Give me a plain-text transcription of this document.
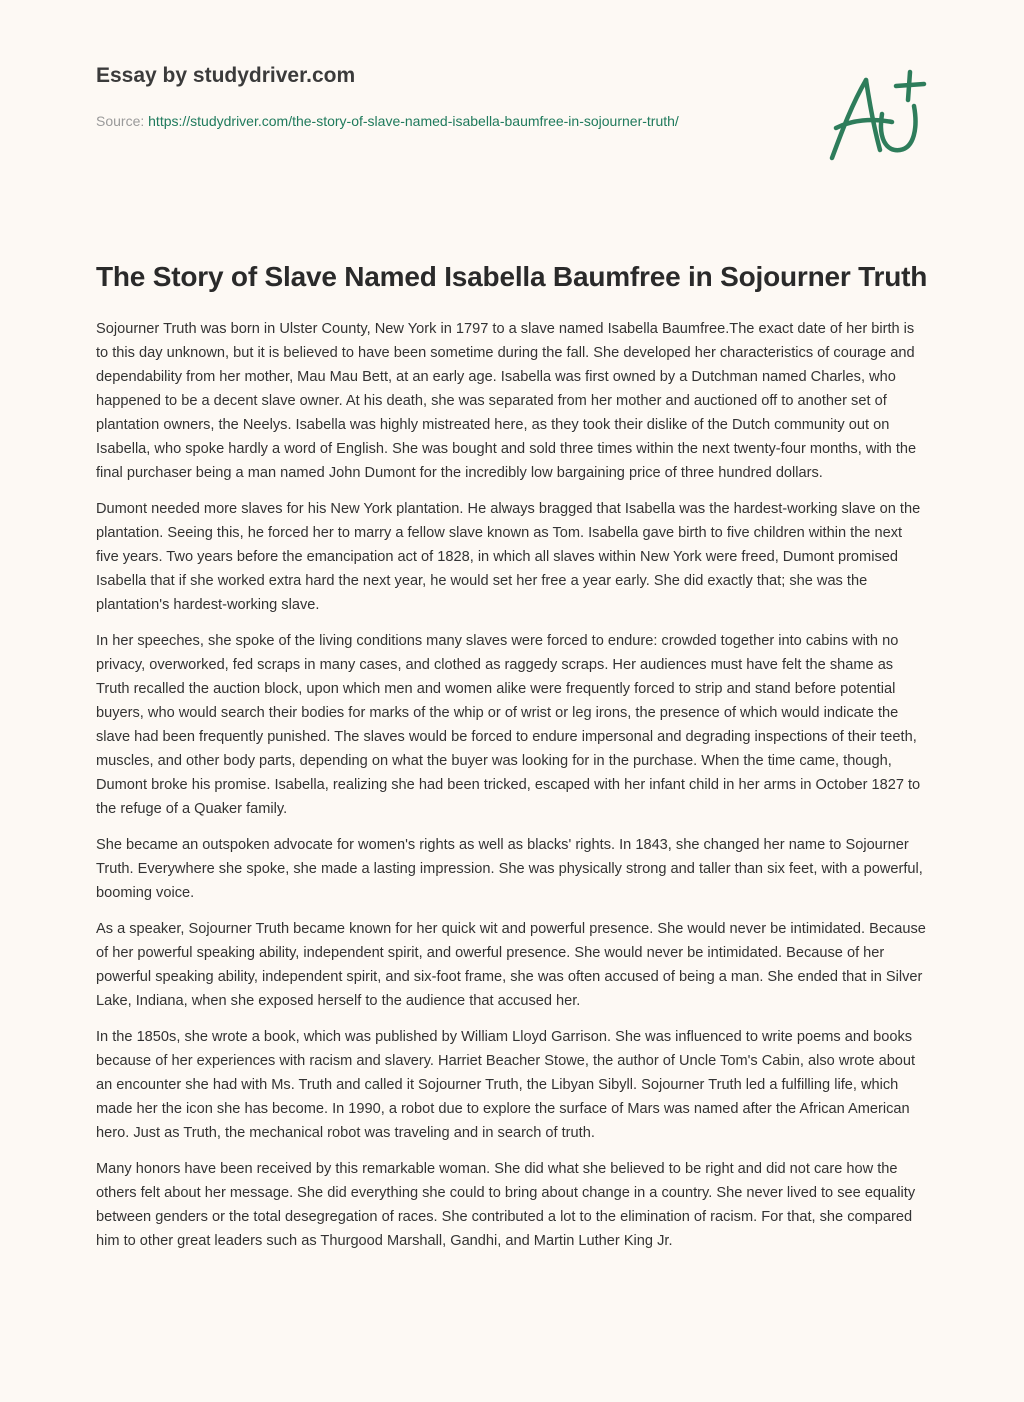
Essay by studydriver.com
Source: https://studydriver.com/the-story-of-slave-named-isabella-baumfree-in-sojourner-truth/
The Story of Slave Named Isabella Baumfree in Sojourner Truth

Sojourner Truth was born in Ulster County, New York in 1797 to a slave named Isabella Baumfree.The exact date of her birth is to this day unknown, but it is believed to have been sometime during the fall. She developed her characteristics of courage and dependability from her mother, Mau Mau Bett, at an early age. Isabella was first owned by a Dutchman named Charles, who happened to be a decent slave owner. At his death, she was separated from her mother and auctioned off to another set of plantation owners, the Neelys. Isabella was highly mistreated here, as they took their dislike of the Dutch community out on Isabella, who spoke hardly a word of English. She was bought and sold three times within the next twenty-four months, with the final purchaser being a man named John Dumont for the incredibly low bargaining price of three hundred dollars.

Dumont needed more slaves for his New York plantation. He always bragged that Isabella was the hardest-working slave on the plantation. Seeing this, he forced her to marry a fellow slave known as Tom. Isabella gave birth to five children within the next five years. Two years before the emancipation act of 1828, in which all slaves within New York were freed, Dumont promised Isabella that if she worked extra hard the next year, he would set her free a year early. She did exactly that; she was the plantation's hardest-working slave.

In her speeches, she spoke of the living conditions many slaves were forced to endure: crowded together into cabins with no privacy, overworked, fed scraps in many cases, and clothed as raggedy scraps. Her audiences must have felt the shame as Truth recalled the auction block, upon which men and women alike were frequently forced to strip and stand before potential buyers, who would search their bodies for marks of the whip or of wrist or leg irons, the presence of which would indicate the slave had been frequently punished. The slaves would be forced to endure impersonal and degrading inspections of their teeth, muscles, and other body parts, depending on what the buyer was looking for in the purchase. When the time came, though, Dumont broke his promise. Isabella, realizing she had been tricked, escaped with her infant child in her arms in October 1827 to the refuge of a Quaker family.

She became an outspoken advocate for women's rights as well as blacks' rights. In 1843, she changed her name to Sojourner Truth. Everywhere she spoke, she made a lasting impression. She was physically strong and taller than six feet, with a powerful, booming voice.

As a speaker, Sojourner Truth became known for her quick wit and powerful presence. She would never be intimidated. Because of her powerful speaking ability, independent spirit, and owerful presence. She would never be intimidated. Because of her powerful speaking ability, independent spirit, and six-foot frame, she was often accused of being a man. She ended that in Silver Lake, Indiana, when she exposed herself to the audience that accused her.

In the 1850s, she wrote a book, which was published by William Lloyd Garrison. She was influenced to write poems and books because of her experiences with racism and slavery. Harriet Beacher Stowe, the author of Uncle Tom's Cabin, also wrote about an encounter she had with Ms. Truth and called it Sojourner Truth, the Libyan Sibyll. Sojourner Truth led a fulfilling life, which made her the icon she has become. In 1990, a robot due to explore the surface of Mars was named after the African American hero. Just as Truth, the mechanical robot was traveling and in search of truth.

Many honors have been received by this remarkable woman. She did what she believed to be right and did not care how the others felt about her message. She did everything she could to bring about change in a country. She never lived to see equality between genders or the total desegregation of races. She contributed a lot to the elimination of racism. For that, she compared him to other great leaders such as Thurgood Marshall, Gandhi, and Martin Luther King Jr.
